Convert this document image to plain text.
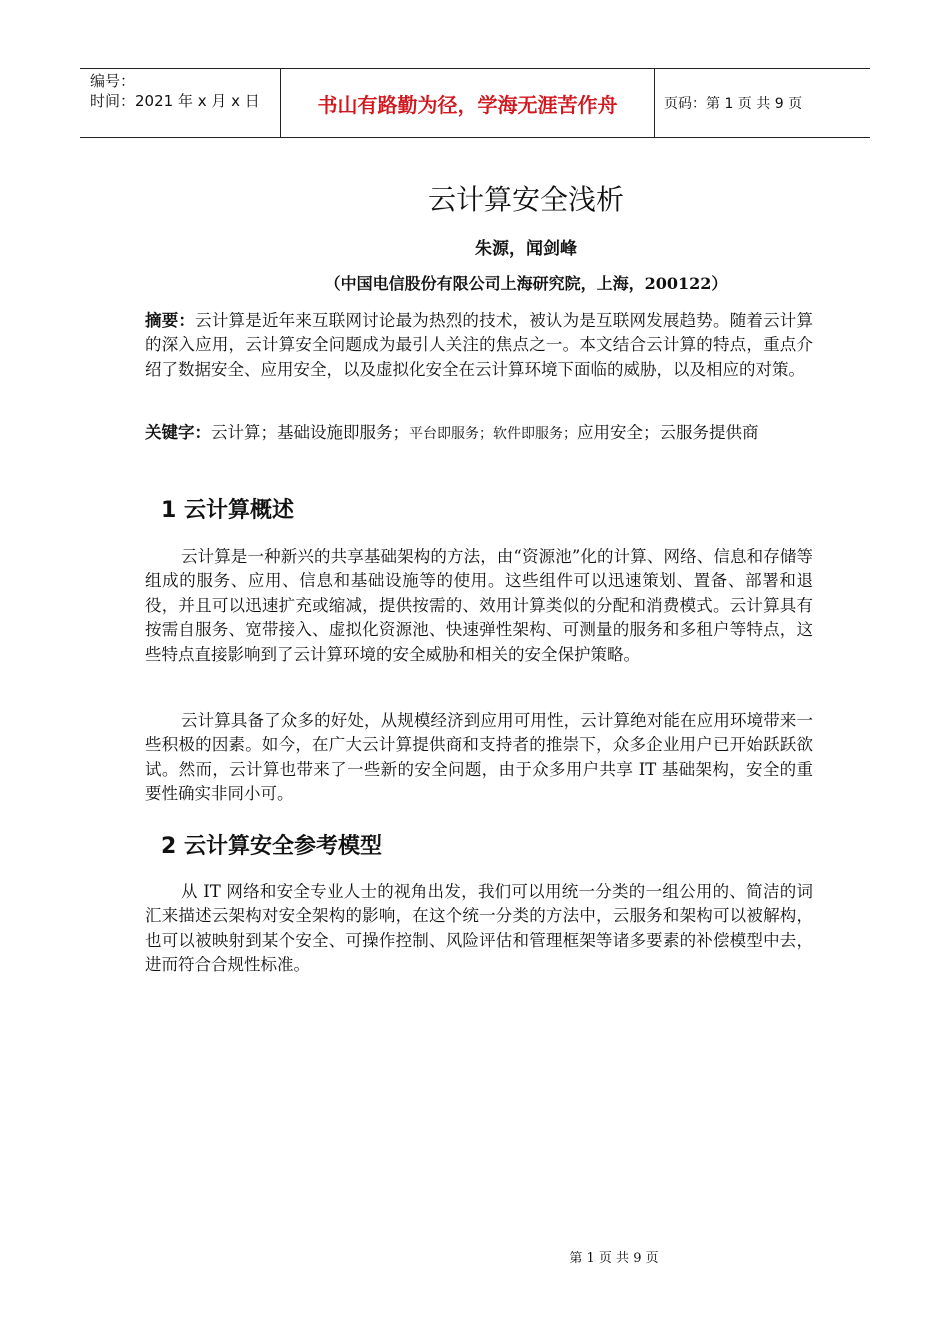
编号：
时间：2021 年 x 月 x 日	书山有路勤为径，学海无涯苦作舟	页码：第 1 页 共 9 页
云计算安全浅析
朱源，闻剑峰
（中国电信股份有限公司上海研究院，上海，200122）
摘要：云计算是近年来互联网讨论最为热烈的技术，被认为是互联网发展趋势。随着云计算的深入应用，云计算安全问题成为最引人关注的焦点之一。本文结合云计算的特点，重点介绍了数据安全、应用安全，以及虚拟化安全在云计算环境下面临的威胁，以及相应的对策。
关键字：云计算；基础设施即服务；平台即服务；软件即服务；应用安全；云服务提供商
1 云计算概述
云计算是一种新兴的共享基础架构的方法，由“资源池”化的计算、网络、信息和存储等组成的服务、应用、信息和基础设施等的使用。这些组件可以迅速策划、置备、部署和退役，并且可以迅速扩充或缩减，提供按需的、效用计算类似的分配和消费模式。云计算具有按需自服务、宽带接入、虚拟化资源池、快速弹性架构、可测量的服务和多租户等特点，这些特点直接影响到了云计算环境的安全威胁和相关的安全保护策略。
云计算具备了众多的好处，从规模经济到应用可用性，云计算绝对能在应用环境带来一些积极的因素。如今，在广大云计算提供商和支持者的推崇下，众多企业用户已开始跃跃欲试。然而，云计算也带来了一些新的安全问题，由于众多用户共享 IT 基础架构，安全的重要性确实非同小可。
2 云计算安全参考模型
从 IT 网络和安全专业人士的视角出发，我们可以用统一分类的一组公用的、简洁的词汇来描述云架构对安全架构的影响，在这个统一分类的方法中，云服务和架构可以被解构，也可以被映射到某个安全、可操作控制、风险评估和管理框架等诸多要素的补偿模型中去，进而符合合规性标准。
第 1 页 共 9 页
